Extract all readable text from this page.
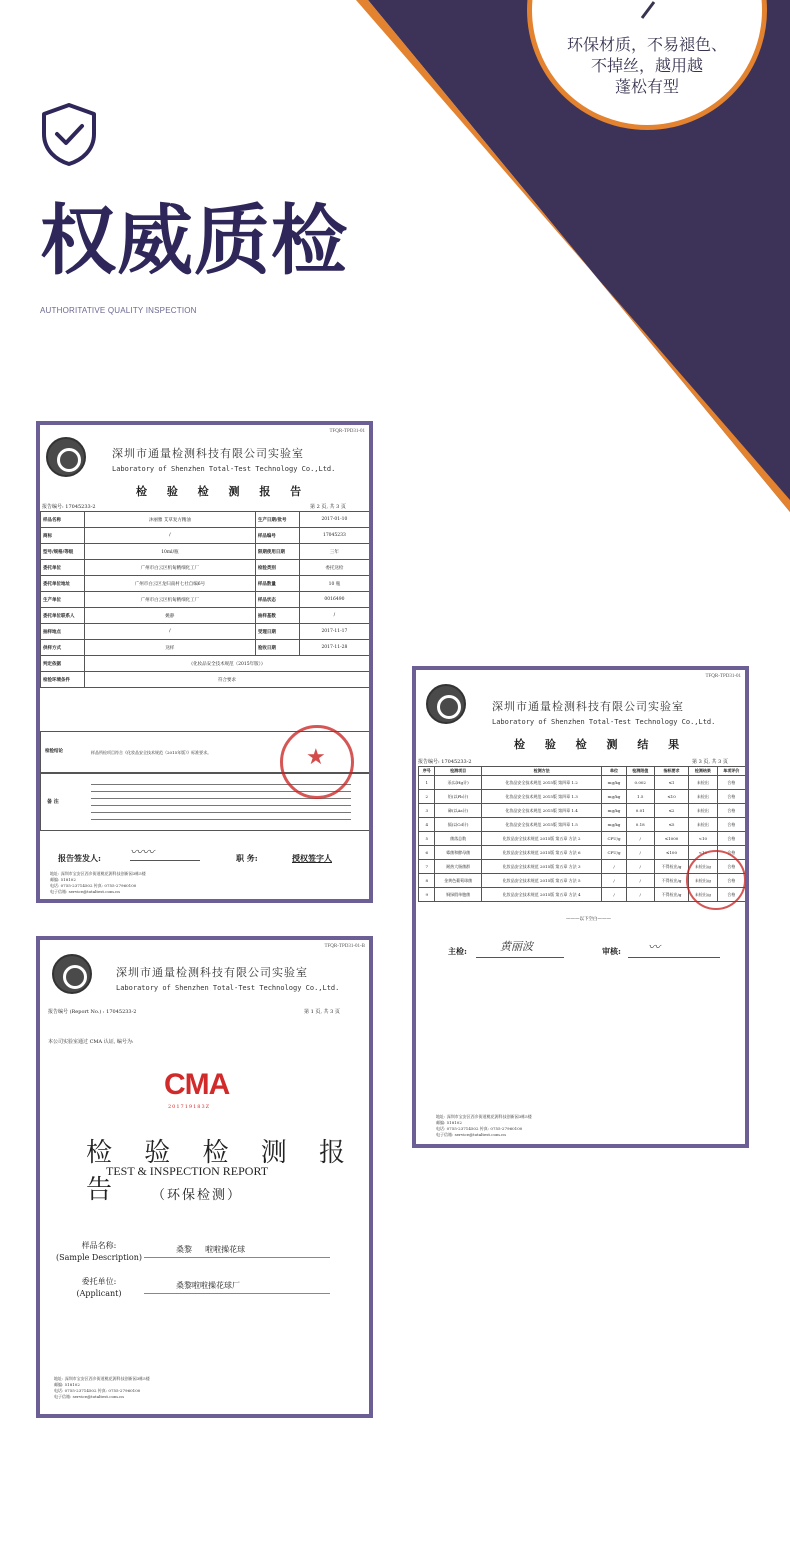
环保材质，不易褪色、
不掉丝，越用越
蓬松有型
权威质检
AUTHORITATIVE QUALITY INSPECTION
TFQR-TPD31-01
深圳市通量检测科技有限公司实验室
Laboratory of Shenzhen Total-Test Technology Co.,Ltd.
检 验 检 测 报 告
报告编号: 17045233-2	第 2 页, 共 3 页
样品名称	沐丽雅 艾草复方精油	生产日期/批号	2017-01-10
商标	/	样品编号	17045233
型号/规格/等级	10ml/瓶	限期使用日期	三年
委托单位	广州市白云区机甸精细化工厂	检验类别	委托送检
委托单位地址	广州市白云区龙归南村七社自编6号	样品数量	10 瓶
生产单位	广州市白云区机甸精细化工厂	样品状态	0016490
委托单位联系人	姚静	抽样基数	/
抽样地点	/	受理日期	2017-11-17
供样方式	送样	验收日期	2017-11-28
判定依据	《化妆品安全技术规范（2015年版）》		
检验环境条件	符合要求		
检验结论	样品所检项目符合《化妆品安全技术规范（2015年版）》标准要求。
备 注
★
报告签发人: 〰〰	职 务:	授权签字人
地址: 深圳市宝安区西乡街道桃花源科技创新园3栋5楼
邮编: 518102
电话: 0755-23714502 传真: 0755-27960100
电子信箱: service@totaltest.com.cn
TFQR-TPD31-01
深圳市通量检测科技有限公司实验室
Laboratory of Shenzhen Total-Test Technology Co.,Ltd.
检 验 检 测 结 果
报告编号: 17045233-2	第 3 页, 共 3 页
序号	检测项目	检测方法	单位	检测限值	指标要求	检测结果	单项评价
1	汞(以Hg计)	化妆品安全技术规范 2015版 第四章 1.2	mg/kg	0.002	≤1	未检出	合格
2	铅(以Pb计)	化妆品安全技术规范 2015版 第四章 1.3	mg/kg	1.5	≤10	未检出	合格
3	砷(以As计)	化妆品安全技术规范 2015版 第四章 1.4	mg/kg	0.01	≤2	未检出	合格
4	镉(以Cd计)	化妆品安全技术规范 2015版 第四章 1.5	mg/kg	0.18	≤5	未检出	合格
5	菌落总数	化妆品安全技术规范 2015版 第五章 方法 2	CFU/g	/	≤1000	<10	合格
6	霉菌和酵母菌	化妆品安全技术规范 2015版 第五章 方法 6	CFU/g	/	≤100	<10	合格
7	耐热大肠菌群	化妆品安全技术规范 2015版 第五章 方法 3	/	/	不得检出/g	未检出/g	合格
8	金黄色葡萄球菌	化妆品安全技术规范 2015版 第五章 方法 5	/	/	不得检出/g	未检出/g	合格
9	铜绿假单胞菌	化妆品安全技术规范 2015版 第五章 方法 4	/	/	不得检出/g	未检出/g	合格
———以下空白———
主检:	黄丽波	审核:	〰
地址: 深圳市宝安区西乡街道桃花源科技创新园3栋5楼
邮编: 518102
电话: 0755-23714502 传真: 0755-27960100
电子信箱: service@totaltest.com.cn
TFQR-TPD31-01-B
深圳市通量检测科技有限公司实验室
Laboratory of Shenzhen Total-Test Technology Co.,Ltd.
报告编号 (Report No.) : 17045233-2	第 1 页, 共 3 页
本公司实验室通过 CMA 认证, 编号为:
CMA
201719183Z
检 验 检 测 报 告
TEST & INSPECTION REPORT
（环保检测）
样品名称:
(Sample Description)
桑黎 　 啦啦操花球
委托单位:
(Applicant)
桑黎啦啦操花球厂
地址: 深圳市宝安区西乡街道桃花源科技创新园3栋5楼
邮编: 518102
电话: 0755-23714502 传真: 0755-27960100
电子信箱: service@totaltest.com.cn
